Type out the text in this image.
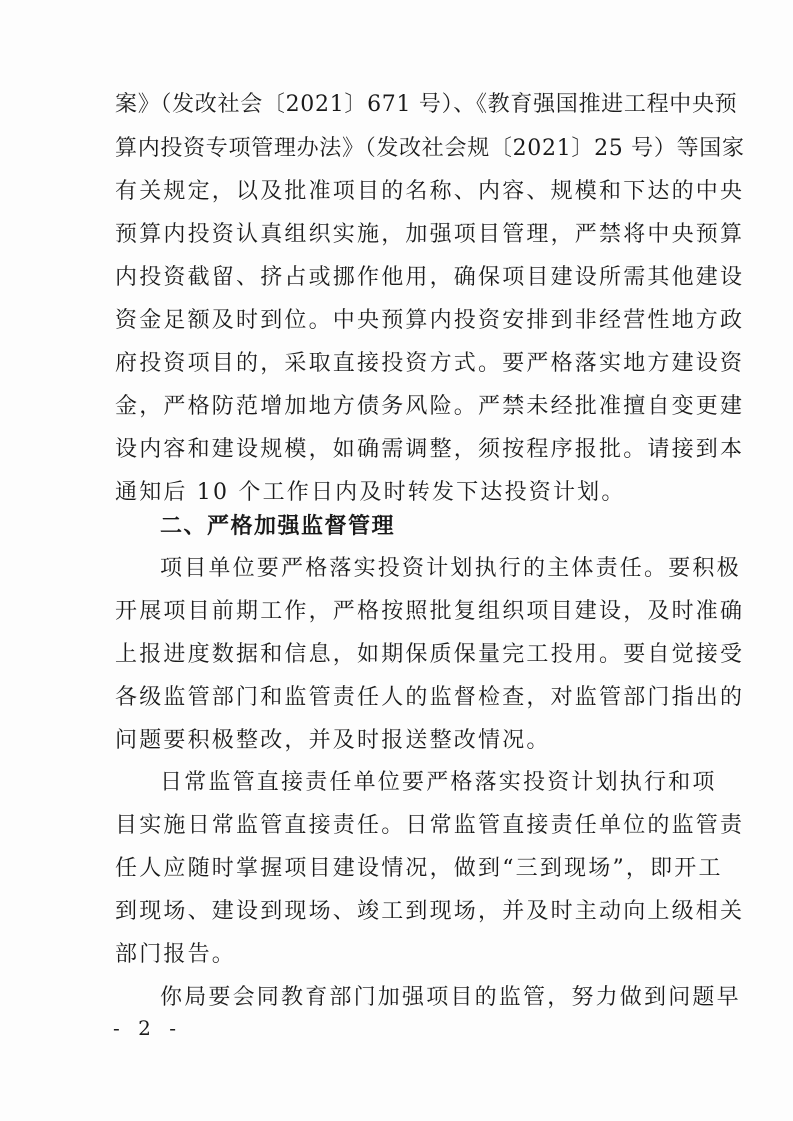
案》（发改社会〔2021〕671 号）、《教育强国推进工程中央预
算内投资专项管理办法》（发改社会规〔2021〕25 号）等国家
有关规定，以及批准项目的名称、内容、规模和下达的中央
预算内投资认真组织实施，加强项目管理，严禁将中央预算
内投资截留、挤占或挪作他用，确保项目建设所需其他建设
资金足额及时到位。中央预算内投资安排到非经营性地方政
府投资项目的，采取直接投资方式。要严格落实地方建设资
金，严格防范增加地方债务风险。严禁未经批准擅自变更建
设内容和建设规模，如确需调整，须按程序报批。请接到本
通知后 10 个工作日内及时转发下达投资计划。
二、严格加强监督管理
项目单位要严格落实投资计划执行的主体责任。要积极
开展项目前期工作，严格按照批复组织项目建设，及时准确
上报进度数据和信息，如期保质保量完工投用。要自觉接受
各级监管部门和监管责任人的监督检查，对监管部门指出的
问题要积极整改，并及时报送整改情况。
日常监管直接责任单位要严格落实投资计划执行和项
目实施日常监管直接责任。日常监管直接责任单位的监管责
任人应随时掌握项目建设情况，做到“三到现场”，即开工
到现场、建设到现场、竣工到现场，并及时主动向上级相关
部门报告。
你局要会同教育部门加强项目的监管，努力做到问题早
- 2 -
